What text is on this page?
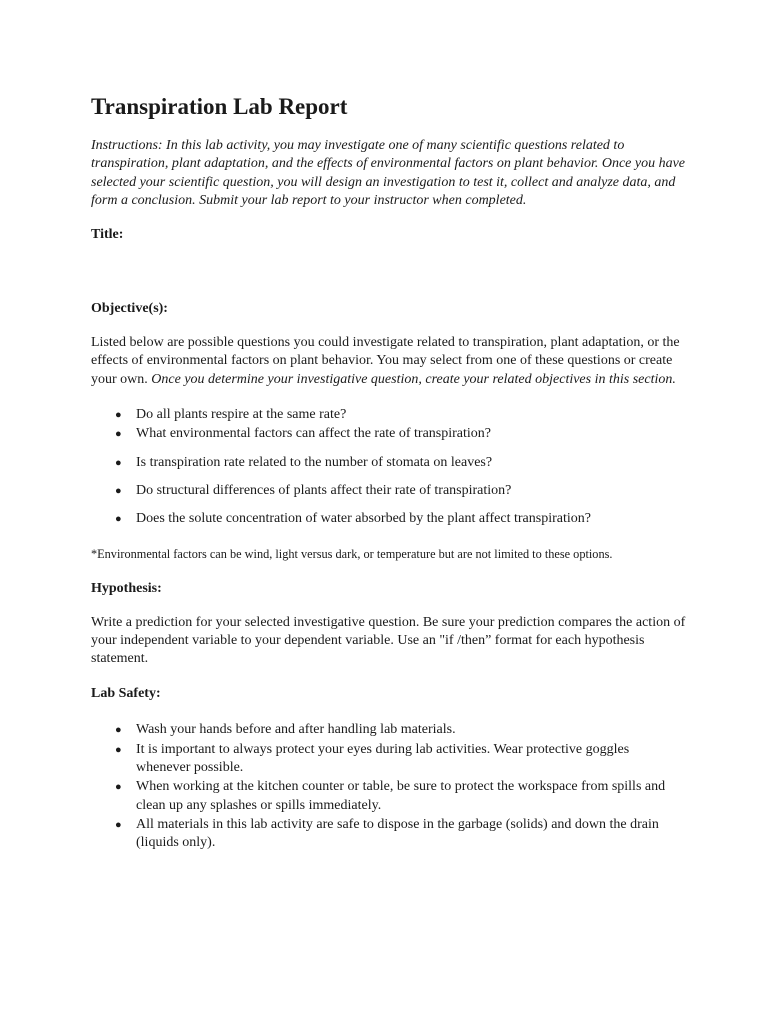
Transpiration Lab Report

Instructions: In this lab activity, you may investigate one of many scientific questions related to transpiration, plant adaptation, and the effects of environmental factors on plant behavior. Once you have selected your scientific question, you will design an investigation to test it, collect and analyze data, and form a conclusion. Submit your lab report to your instructor when completed.

Title:

Objective(s):

Listed below are possible questions you could investigate related to transpiration, plant adaptation, or the effects of environmental factors on plant behavior. You may select from one of these questions or create your own. Once you determine your investigative question, create your related objectives in this section.

● Do all plants respire at the same rate?
● What environmental factors can affect the rate of transpiration?
● Is transpiration rate related to the number of stomata on leaves?
● Do structural differences of plants affect their rate of transpiration?
● Does the solute concentration of water absorbed by the plant affect transpiration?

*Environmental factors can be wind, light versus dark, or temperature but are not limited to these options.

Hypothesis:

Write a prediction for your selected investigative question. Be sure your prediction compares the action of your independent variable to your dependent variable. Use an "if /then” format for each hypothesis statement.

Lab Safety:

● Wash your hands before and after handling lab materials.
● It is important to always protect your eyes during lab activities. Wear protective goggles whenever possible.
● When working at the kitchen counter or table, be sure to protect the workspace from spills and clean up any splashes or spills immediately.
● All materials in this lab activity are safe to dispose in the garbage (solids) and down the drain (liquids only).
